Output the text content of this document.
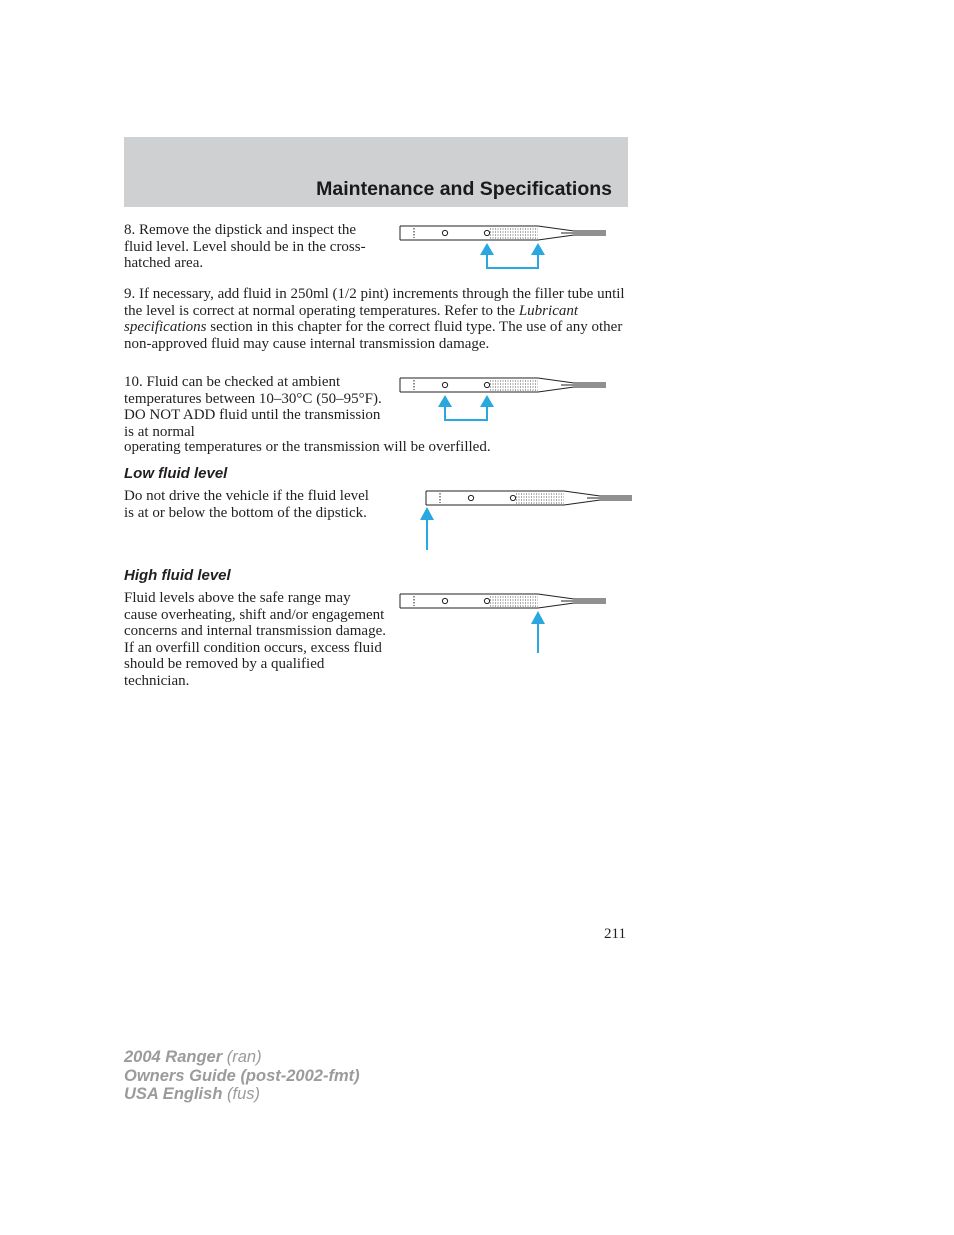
Maintenance and Specifications

8. Remove the dipstick and inspect the fluid level. Level should be in the cross-hatched area.

9. If necessary, add fluid in 250ml (1/2 pint) increments through the filler tube until the level is correct at normal operating temperatures. Refer to the Lubricant specifications section in this chapter for the correct fluid type. The use of any other non-approved fluid may cause internal transmission damage.

10. Fluid can be checked at ambient temperatures between 10–30°C (50–95°F). DO NOT ADD fluid until the transmission is at normal

operating temperatures or the transmission will be overfilled.

Low fluid level

Do not drive the vehicle if the fluid level is at or below the bottom of the dipstick.

High fluid level

Fluid levels above the safe range may cause overheating, shift and/or engagement concerns and internal transmission damage. If an overfill condition occurs, excess fluid should be removed by a qualified technician.

211
2004 Ranger (ran)
Owners Guide (post-2002-fmt)
USA English (fus)
